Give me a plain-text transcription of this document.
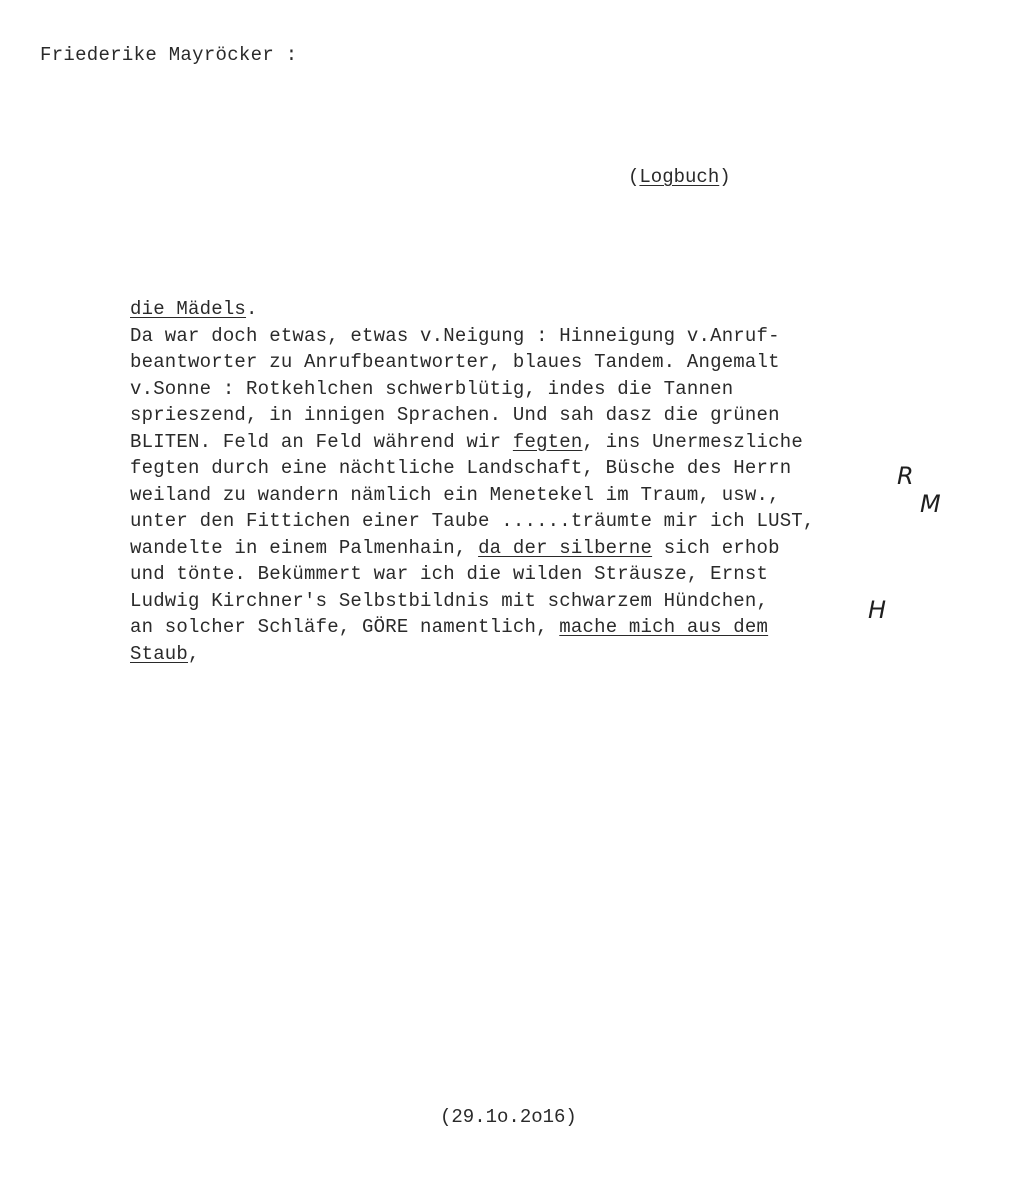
Friederike Mayröcker :
(Logbuch)
die Mädels.
Da war doch etwas, etwas v.Neigung : Hinneigung v.Anruf-
beantworter zu Anrufbeantworter, blaues Tandem. Angemalt
v.Sonne : Rotkehlchen schwerblütig, indes die Tannen
sprieszend, in innigen Sprachen. Und sah dasz die grünen
BLITEN. Feld an Feld während wir fegten, ins Unermeszliche
fegten durch eine nächtliche Landschaft, Büsche des Herrn
weiland zu wandern nämlich ein Menetekel im Traum, usw.,
unter den Fittichen einer Taube ......träumte mir ich LUST,
wandelte in einem Palmenhain, da der silberne sich erhob
und tönte. Bekümmert war ich die wilden Sträusze, Ernst
Ludwig Kirchner's Selbstbildnis mit schwarzem Hündchen,
an solcher Schläfe, GÖRE namentlich, mache mich aus dem
Staub,
R
M
H
(29.1o.2o16)
